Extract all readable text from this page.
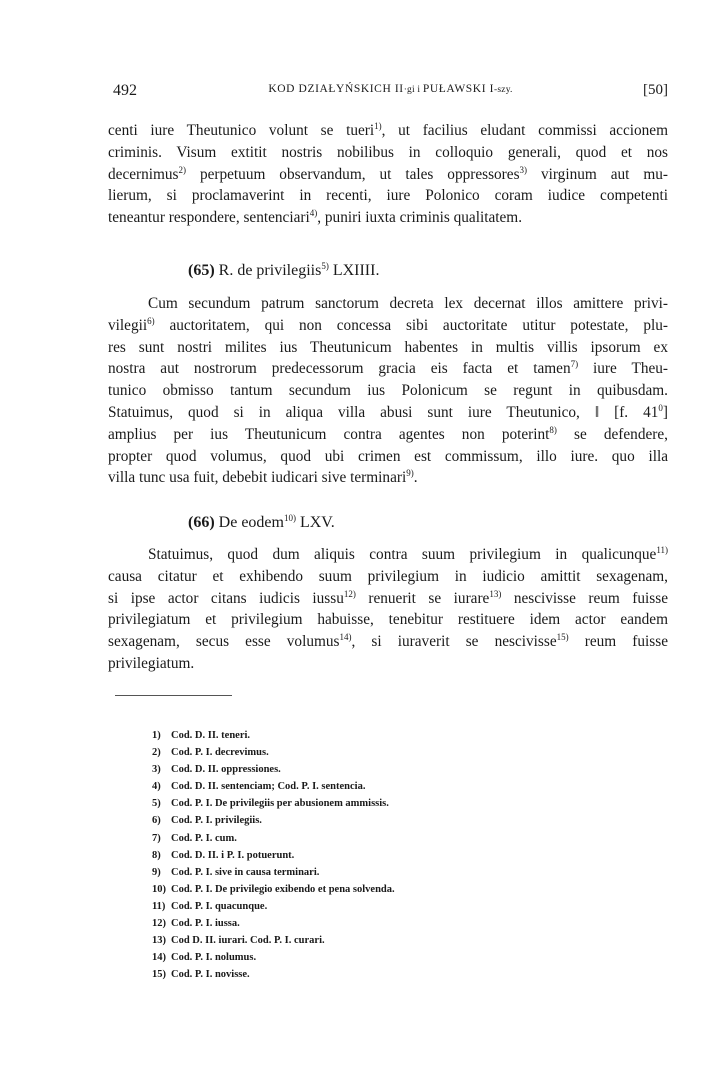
492	KOD DZIAŁYŃSKICH II·gi i PUŁAWSKI I-szy.	[50]
centi iure Theutunico volunt se tueri$^{1)}$, ut facilius eludant commissi accionem
criminis. Visum extitit nostris nobilibus in colloquio generali, quod et nos
decernimus$^{2)}$ perpetuum observandum, ut tales oppressores$^{3)}$ virginum aut mu-
lierum, si proclamaverint in recenti, iure Polonico coram iudice competenti
teneantur respondere, sentenciari$^{4)}$, puniri iuxta criminis qualitatem.
(65) R. de privilegiis$^{5)}$ LXIIII.
Cum secundum patrum sanctorum decreta lex decernat illos amittere privi-
vilegii$^{6)}$ auctoritatem, qui non concessa sibi auctoritate utitur potestate, plu-
res sunt nostri milites ius Theutunicum habentes in multis villis ipsorum ex
nostra aut nostrorum predecessorum gracia eis facta et tamen$^{7)}$ iure Theu-
tunico obmisso tantum secundum ius Polonicum se regunt in quibusdam.
Statuimus, quod si in aliqua villa abusi sunt iure Theutunico, ‖ [f. $41^0$]
amplius per ius Theutunicum contra agentes non poterint$^{8)}$ se defendere,
propter quod volumus, quod ubi crimen est commissum, illo iure. quo illa
villa tunc usa fuit, debebit iudicari sive terminari$^{9)}$.
(66) De eodem$^{10)}$ LXV.
Statuimus, quod dum aliquis contra suum privilegium in qualicunque$^{11)}$
causa citatur et exhibendo suum privilegium in iudicio amittit sexagenam,
si ipse actor citans iudicis iussu$^{12)}$ renuerit se iurare$^{13)}$ nescivisse reum fuisse
privilegiatum et privilegium habuisse, tenebitur restituere idem actor eandem
sexagenam, secus esse volumus$^{14)}$, si iuraverit se nescivisse$^{15)}$ reum fuisse
privilegiatum.
1) Cod. D. II. teneri.
2) Cod. P. I. decrevimus.
3) Cod. D. II. oppressiones.
4) Cod. D. II. sentenciam; Cod. P. I. sentencia.
5) Cod. P. I. De privilegiis per abusionem ammissis.
6) Cod. P. I. privilegiis.
7) Cod. P. I. cum.
8) Cod. D. II. i P. I. potuerunt.
9) Cod. P. I. sive in causa terminari.
10) Cod. P. I. De privilegio exibendo et pena solvenda.
11) Cod. P. I. quacunque.
12) Cod. P. I. iussa.
13) Cod D. II. iurari. Cod. P. I. curari.
14) Cod. P. I. nolumus.
15) Cod. P. I. novisse.
